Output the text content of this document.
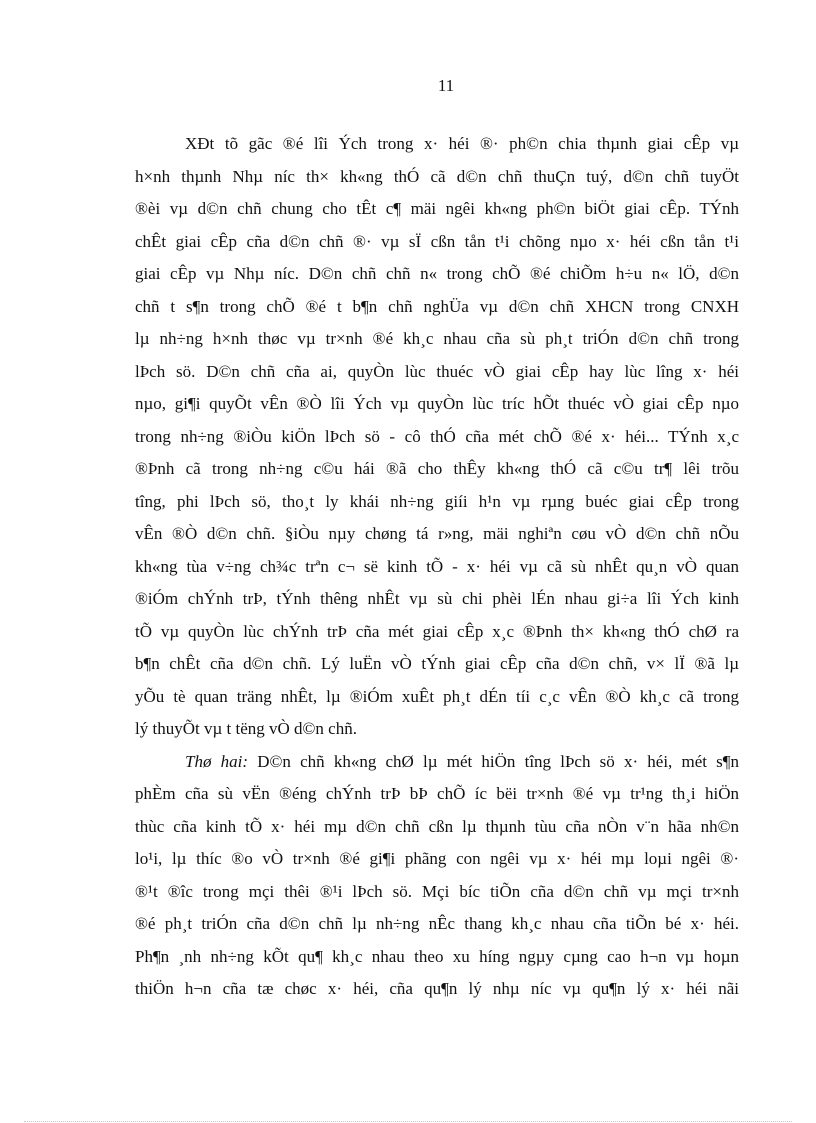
11
XĐt tõ gãc ®é lîi Ých trong x· héi ®· ph©n chia thµnh giai cÊp vµ
h×nh thµnh Nhµ níc th× kh«ng thÓ cã d©n chñ thuÇn tuý, d©n chñ tuyÖt
®èi vµ d©n chñ chung cho tÊt c¶ mäi ngêi kh«ng ph©n biÖt giai cÊp. TÝnh
chÊt giai cÊp cña d©n chñ ®· vµ sÏ cßn tån t¹i chõng nµo x· héi cßn tån t¹i
giai cÊp vµ Nhµ níc. D©n chñ chñ n« trong chÕ ®é chiÕm h÷u n« lÖ, d©n
chñ t s¶n trong chÕ ®é t b¶n chñ nghÜa vµ d©n chñ XHCN trong CNXH
lµ nh÷ng h×nh thøc vµ tr×nh ®é kh¸c nhau cña sù ph¸t triÓn d©n chñ trong
lÞch sö. D©n chñ cña ai, quyÒn lùc thuéc vÒ giai cÊp hay lùc lîng x· héi
nµo, gi¶i quyÕt vÊn ®Ò lîi Ých vµ quyÒn lùc tríc hÕt thuéc vÒ giai cÊp nµo
trong nh÷ng ®iÒu kiÖn lÞch sö - cô thÓ cña mét chÕ ®é x· héi... TÝnh x¸c
®Þnh cã trong nh÷ng c©u hái ®ã cho thÊy kh«ng thÓ cã c©u tr¶ lêi trõu
tîng, phi lÞch sö, tho¸t ly khái nh÷ng giíi h¹n vµ rµng buéc giai cÊp trong
vÊn ®Ò d©n chñ. §iÒu nµy chøng tá r»ng, mäi nghiªn cøu vÒ d©n chñ nÕu
kh«ng tùa v÷ng ch¾c trªn c¬ së kinh tÕ - x· héi vµ cã sù nhÊt qu¸n vÒ quan
®iÓm chÝnh trÞ, tÝnh thêng nhÊt vµ sù chi phèi lÉn nhau gi÷a lîi Ých kinh
tÕ vµ quyÒn lùc chÝnh trÞ cña mét giai cÊp x¸c ®Þnh th× kh«ng thÓ chØ ra
b¶n chÊt cña d©n chñ. Lý luËn vÒ tÝnh giai cÊp cña d©n chñ, v× lÏ ®ã lµ
yÕu tè quan träng nhÊt, lµ ®iÓm xuÊt ph¸t dÉn tíi c¸c vÊn ®Ò kh¸c cã trong
lý thuyÕt vµ t tëng vÒ d©n chñ.
Thø hai: D©n chñ kh«ng chØ lµ mét hiÖn tîng lÞch sö x· héi, mét s¶n
phÈm cña sù vËn ®éng chÝnh trÞ bÞ chÕ íc bëi tr×nh ®é vµ tr¹ng th¸i hiÖn
thùc cña kinh tÕ x· héi mµ d©n chñ cßn lµ thµnh tùu cña nÒn v¨n hãa nh©n
lo¹i, lµ thíc ®o vÒ tr×nh ®é gi¶i phãng con ngêi vµ x· héi mµ loµi ngêi ®·
®¹t ®îc trong mçi thêi ®¹i lÞch sö. Mçi bíc tiÕn cña d©n chñ vµ mçi tr×nh
®é ph¸t triÓn cña d©n chñ lµ nh÷ng nÊc thang kh¸c nhau cña tiÕn bé x· héi.
Ph¶n ¸nh nh÷ng kÕt qu¶ kh¸c nhau theo xu híng ngµy cµng cao h¬n vµ hoµn
thiÖn h¬n cña tæ chøc x· héi, cña qu¶n lý nhµ níc vµ qu¶n lý x· héi nãi
